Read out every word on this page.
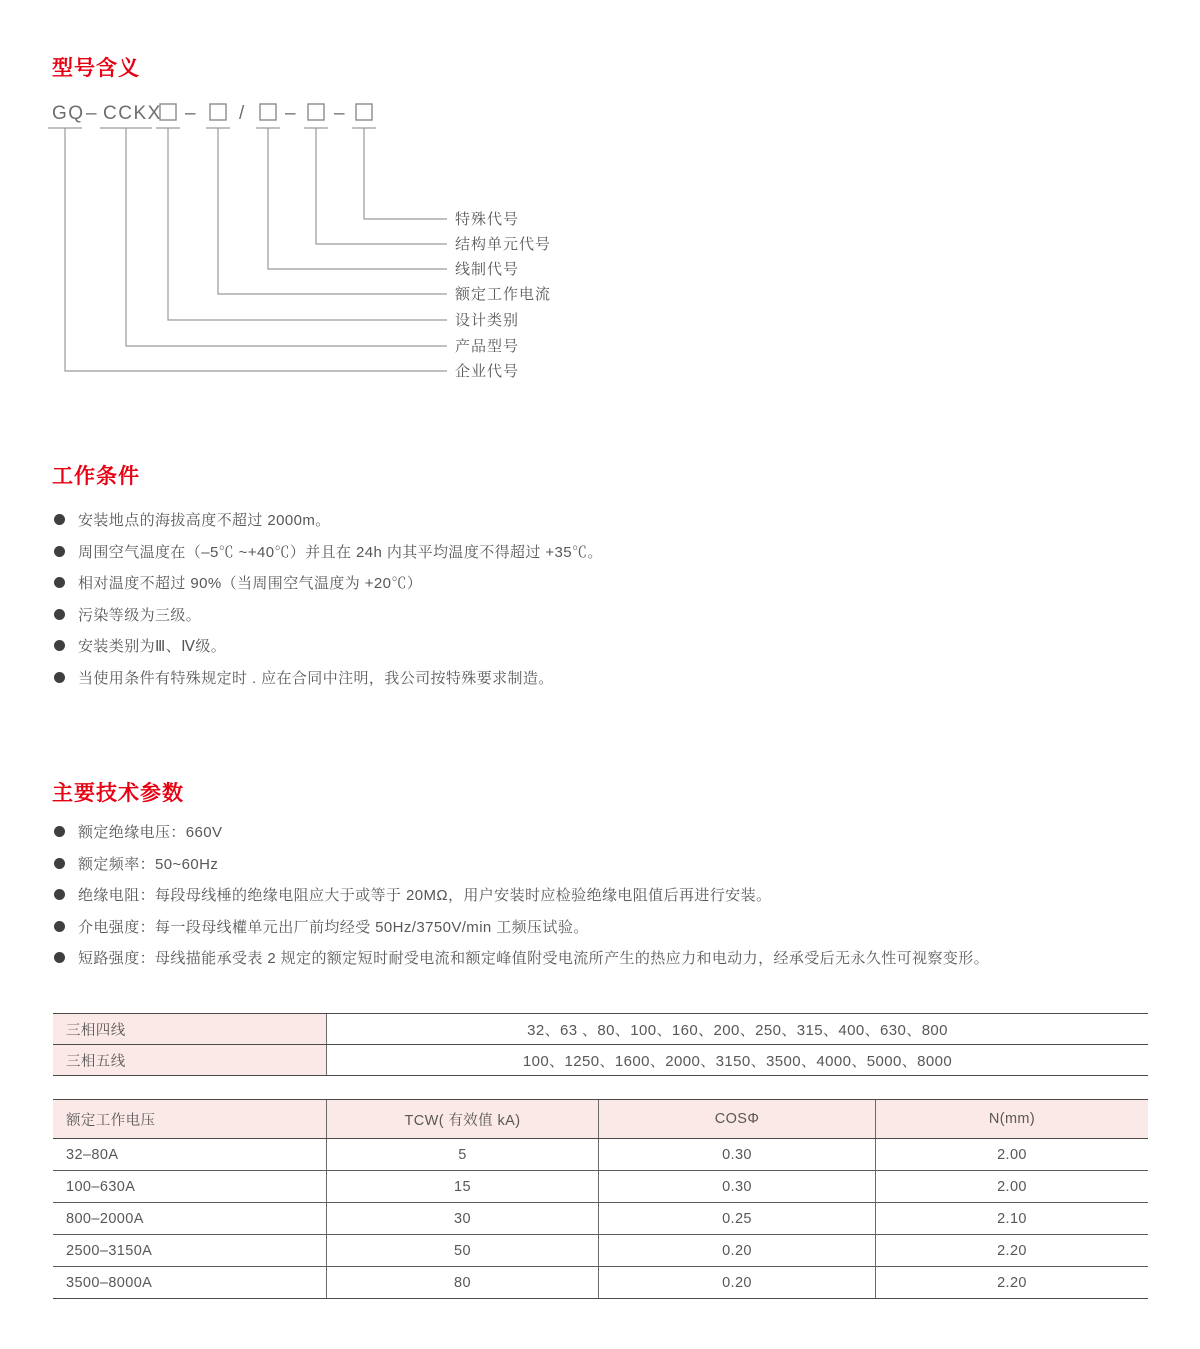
型号含义
GQ – CCKX – / – –
特殊代号
结构单元代号
线制代号
额定工作电流
设计类别
产品型号
企业代号
工作条件
安装地点的海拔高度不超过 2000m。
周围空气温度在（–5℃ ~+40℃）并且在 24h 内其平均温度不得超过 +35℃。
相对温度不超过 90%（当周围空气温度为 +20℃）
污染等级为三级。
安装类别为Ⅲ、Ⅳ级。
当使用条件有特殊规定时 . 应在合同中注明，我公司按特殊要求制造。
主要技术参数
额定绝缘电压：660V
额定频率：50~60Hz
绝缘电阻：每段母线棰的绝缘电阻应大于或等于 20MΩ，用户安装时应检验绝缘电阻值后再进行安装。
介电强度：每一段母线權单元出厂前均经受 50Hz/3750V/min 工频压试验。
短路强度：母线描能承受表 2 规定的额定短时耐受电流和额定峰值附受电流所产生的热应力和电动力，经承受后无永久性可视察变形。
三相四线	32、63 、80、100、160、200、250、315、400、630、800
三相五线	100、1250、1600、2000、3150、3500、4000、5000、8000
额定工作电压	TCW( 有效值 kA)	COSΦ	N(mm)
32–80A	5	0.30	2.00
100–630A	15	0.30	2.00
800–2000A	30	0.25	2.10
2500–3150A	50	0.20	2.20
3500–8000A	80	0.20	2.20
